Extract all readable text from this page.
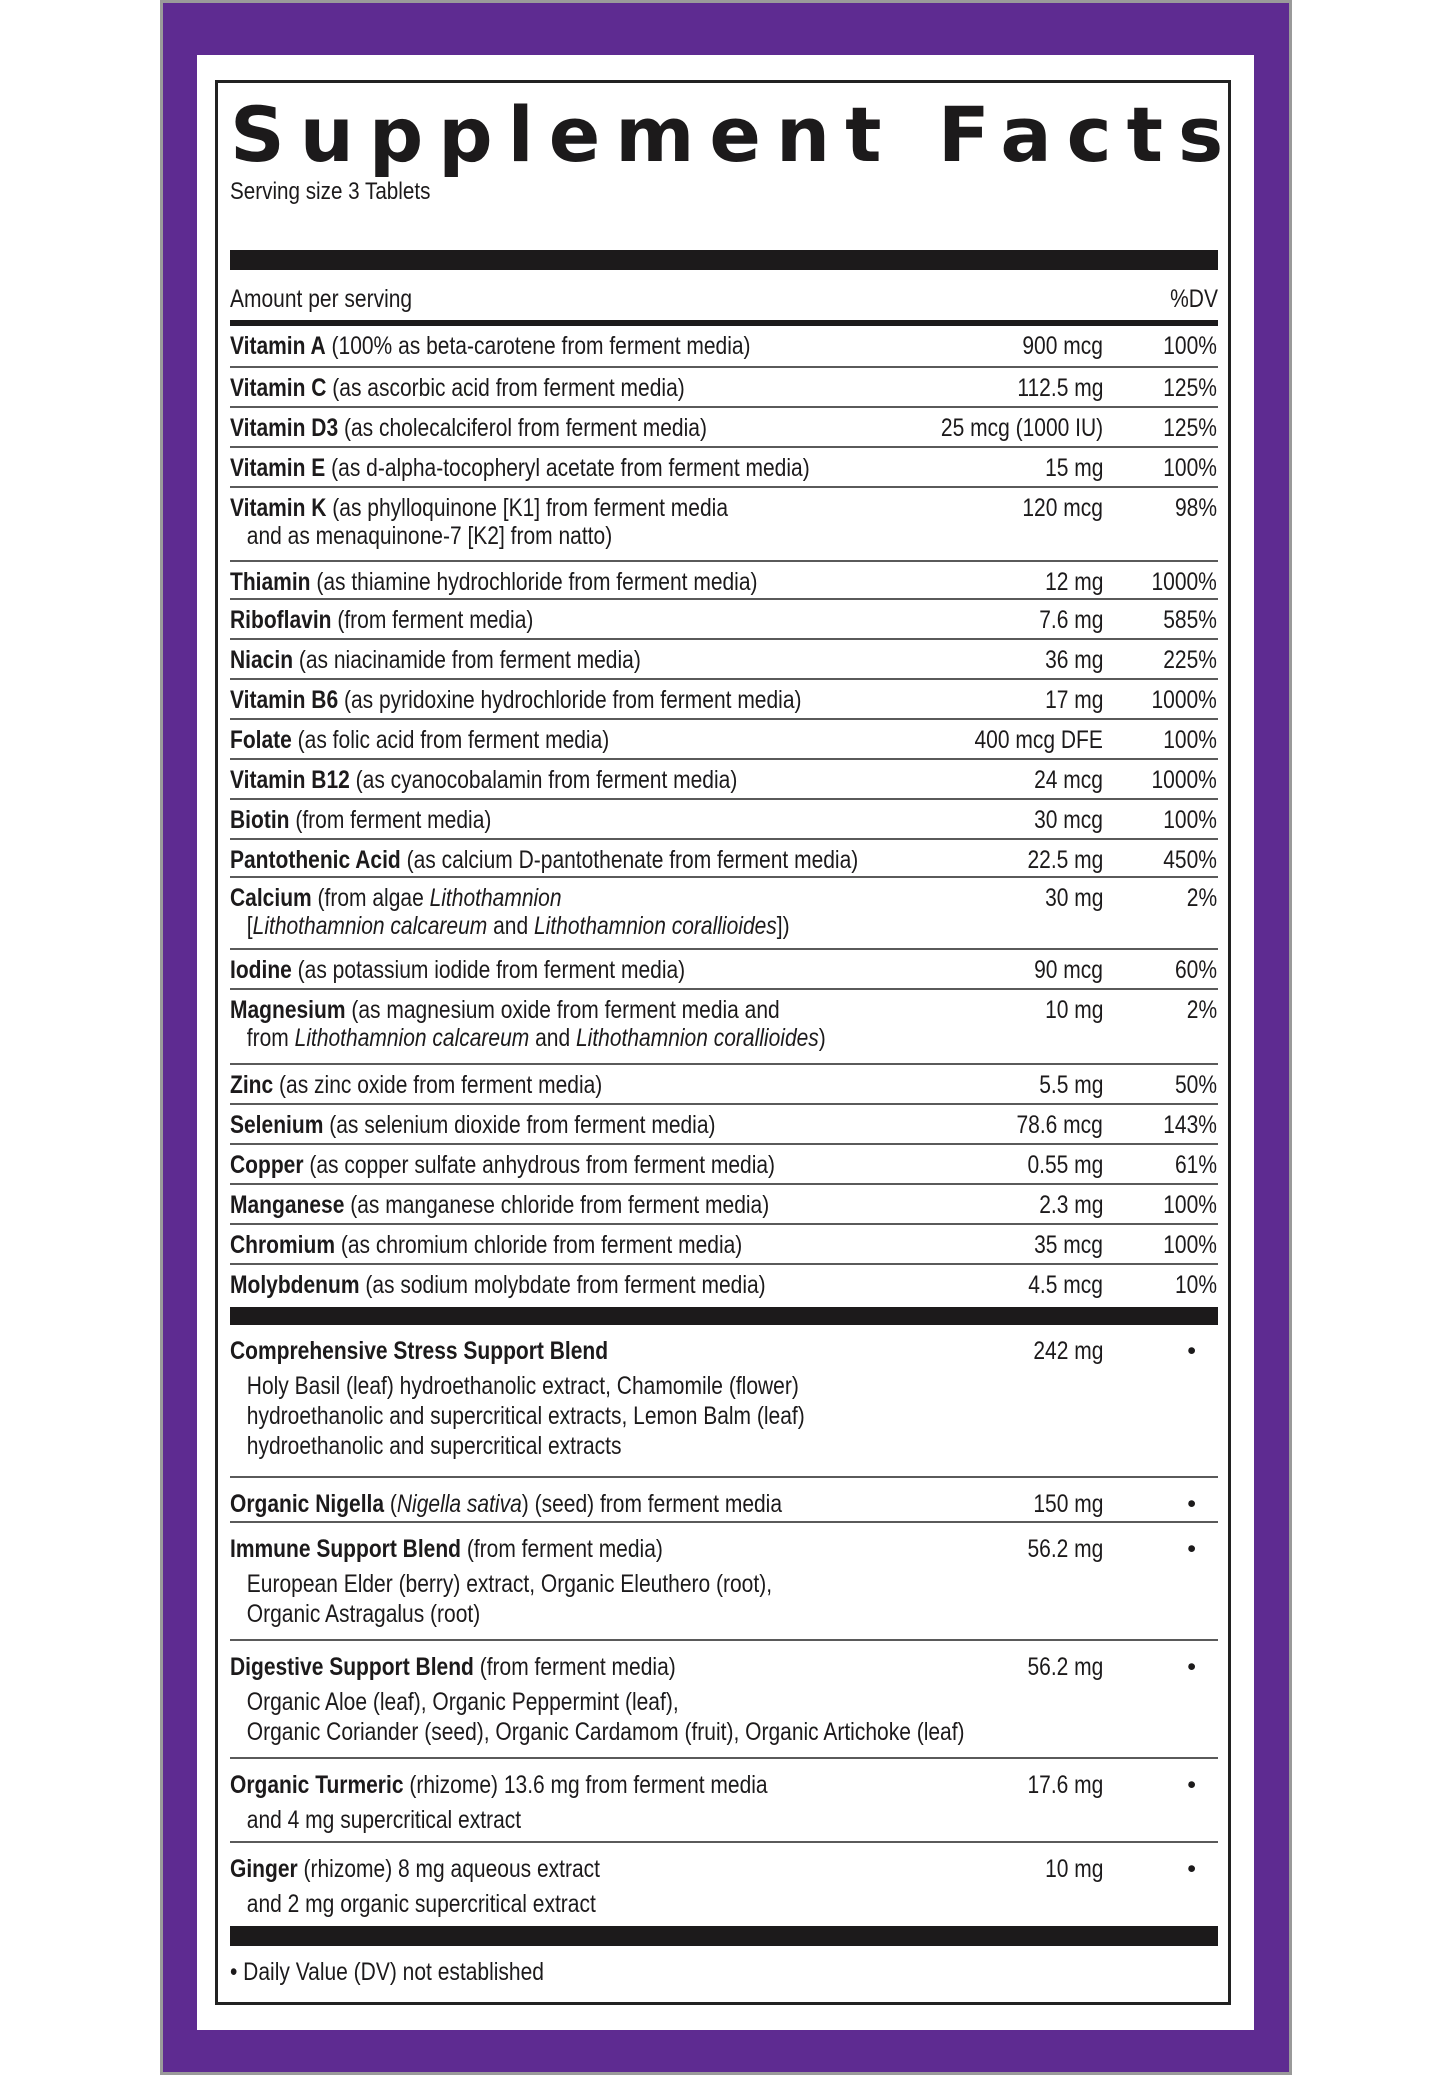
Supplement Facts
Serving size 3 Tablets
Amount per serving	%DV
Vitamin A (100% as beta-carotene from ferment media)	900 mcg 100%
Vitamin C (as ascorbic acid from ferment media)	112.5 mg 125%
Vitamin D3 (as cholecalciferol from ferment media)	25 mcg (1000 IU) 125%
Vitamin E (as d-alpha-tocopheryl acetate from ferment media)	15 mg 100%
Vitamin K (as phylloquinone [K1] from ferment media
and as menaquinone-7 [K2] from natto)
120 mcg	98%
Thiamin (as thiamine hydrochloride from ferment media)	12 mg 1000%
Riboflavin (from ferment media)	7.6 mg 585%
Niacin (as niacinamide from ferment media)	36 mg 225%
Vitamin B6 (as pyridoxine hydrochloride from ferment media)	17 mg 1000%
Folate (as folic acid from ferment media)	400 mcg DFE 100%
Vitamin B12 (as cyanocobalamin from ferment media)	24 mcg 1000%
Biotin (from ferment media)	30 mcg 100%
Pantothenic Acid (as calcium D-pantothenate from ferment media)	22.5 mg 450%
Calcium (from algae Lithothamnion
[Lithothamnion calcareum and Lithothamnion corallioides])
30 mg	2%
Iodine (as potassium iodide from ferment media)	90 mcg	60%
Magnesium (as magnesium oxide from ferment media and
from Lithothamnion calcareum and Lithothamnion corallioides)
10 mg	2%
Zinc (as zinc oxide from ferment media)	5.5 mg	50%
Selenium (as selenium dioxide from ferment media)	78.6 mcg 143%
Copper (as copper sulfate anhydrous from ferment media)	0.55 mg	61%
Manganese (as manganese chloride from ferment media)	2.3 mg 100%
Chromium (as chromium chloride from ferment media)	35 mcg 100%
Molybdenum (as sodium molybdate from ferment media)	4.5 mcg	10%
Comprehensive Stress Support Blend
Holy Basil (leaf) hydroethanolic extract, Chamomile (flower)
hydroethanolic and supercritical extracts, Lemon Balm (leaf)
hydroethanolic and supercritical extracts
242 mg	•
Organic Nigella (Nigella sativa) (seed) from ferment media	150 mg	•
Immune Support Blend (from ferment media)
European Elder (berry) extract, Organic Eleuthero (root),
Organic Astragalus (root)
56.2 mg	•
Digestive Support Blend (from ferment media)
Organic Aloe (leaf), Organic Peppermint (leaf),
Organic Coriander (seed), Organic Cardamom (fruit), Organic Artichoke (leaf)
56.2 mg	•
Organic Turmeric (rhizome) 13.6 mg from ferment media
and 4 mg supercritical extract
17.6 mg	•
Ginger (rhizome) 8 mg aqueous extract
and 2 mg organic supercritical extract
10 mg	•
• Daily Value (DV) not established
